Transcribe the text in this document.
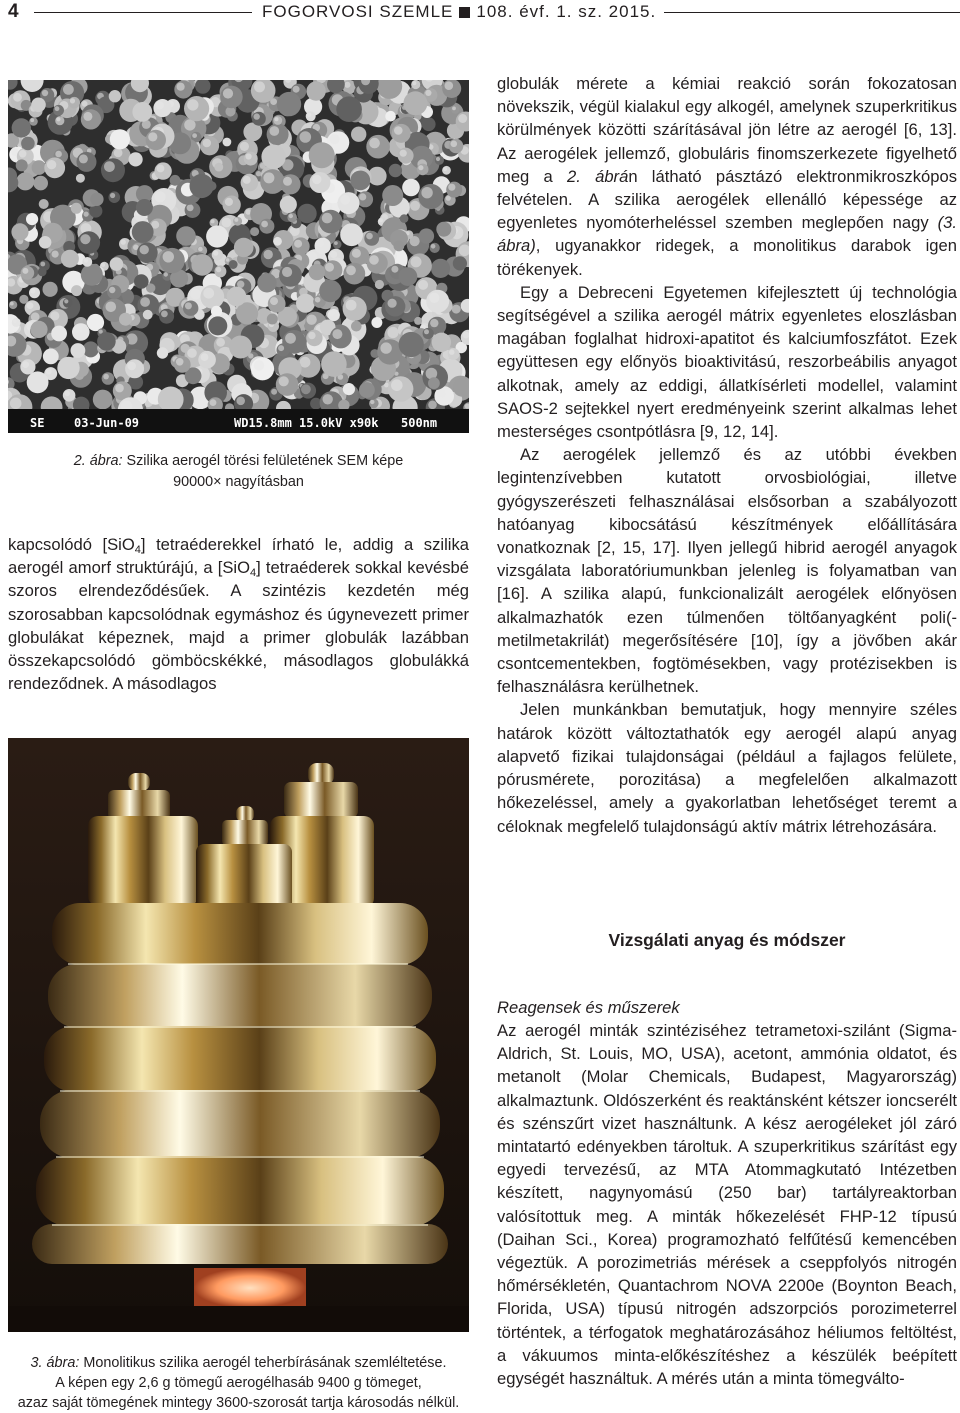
4	FOGORVOSI SZEMLE 108. évf. 1. sz. 2015.
SE 03-Jun-09	WD15.8mm 15.0kV x90k 500nm
2. ábra: Szilika aerogél törési felületének SEM képe
90000× nagyításban

kapcsolódó [SiO$_4$] tetraéderekkel írható le, addig a szilika aerogél amorf struktúrájú, a [SiO$_4$] tetraéderek sokkal kevésbé szoros elrendeződésűek. A szintézis kezdetén még szorosabban kapcsolódnak egymáshoz és úgynevezett primer globulákat képeznek, majd a primer globulák lazábban összekapcsolódó gömböcskékké, másodlagos globulákká rendeződnek. A másodlagos

3. ábra: Monolitikus szilika aerogél teherbírásának szemléltetése.
A képen egy 2,6 g tömegű aerogélhasáb 9400 g tömeget,
azaz saját tömegének mintegy 3600-szorosát tartja károsodás nélkül.

globulák mérete a kémiai reakció során fokozatosan növekszik, végül kialakul egy alkogél, amelynek szuperkritikus körülmények közötti szárításával jön létre az aerogél [6, 13]. Az aerogélek jellemző, globuláris finomszerkezete figyelhető meg a 2. ábrán látható pásztázó elektronmikroszkópos felvételen. A szilika aerogélek ellenálló képessége az egyenletes nyomóterheléssel szemben meglepően nagy (3. ábra), ugyanakkor ridegek, a monolitikus darabok igen törékenyek.

Egy a Debreceni Egyetemen kifejlesztett új technológia segítségével a szilika aerogél mátrix egyenletes eloszlásban magában foglalhat hidroxi-apatitot és kalciumfoszfátot. Ezek együttesen egy előnyös bioaktivitású, reszorbeábilis anyagot alkotnak, amely az eddigi, állatkísérleti modellel, valamint SAOS-2 sejtekkel nyert eredményeink szerint alkalmas lehet mesterséges csontpótlásra [9, 12, 14].

Az aerogélek jellemző és az utóbbi években legintenzívebben kutatott orvosbiológiai, illetve gyógyszerészeti felhasználásai elsősorban a szabályozott hatóanyag kibocsátású készítmények előállítására vonatkoznak [2, 15, 17]. Ilyen jellegű hibrid aerogél anyagok vizsgálata laboratóriumunkban jelenleg is folyamatban van [16]. A szilika alapú, funkcionalizált aerogélek előnyösen alkalmazhatók ezen túlmenően töltőanyagként poli(-metilmetakrilát) megerősítésére [10], így a jövőben akár csontcementekben, fogtömésekben, vagy protézisekben is felhasználásra kerülhetnek.

Jelen munkánkban bemutatjuk, hogy mennyire széles határok között változtathatók egy aerogél alapú anyag alapvető fizikai tulajdonságai (például a fajlagos felülete, pórusmérete, porozitása) a megfelelően alkalmazott hőkezeléssel, amely a gyakorlatban lehetőséget teremt a céloknak megfelelő tulajdonságú aktív mátrix létrehozására.

Vizsgálati anyag és módszer
Reagensek és műszerek

Az aerogél minták szintéziséhez tetrametoxi-szilánt (Sigma-Aldrich, St. Louis, MO, USA), acetont, ammónia oldatot, és metanolt (Molar Chemicals, Budapest, Magyarország) alkalmaztunk. Oldószerként és reaktánsként kétszer ioncserélt és szénszűrt vizet használtunk. A kész aerogéleket jól záró mintatartó edényekben tároltuk. A szuperkritikus szárítást egy egyedi tervezésű, az MTA Atommagkutató Intézetben készített, nagynyomású (250 bar) tartályreaktorban valósítottuk meg. A minták hőkezelését FHP-12 típusú (Daihan Sci., Korea) programozható felfűtésű kemencében végeztük. A porozimetriás mérések a cseppfolyós nitrogén hőmérsékletén, Quantachrom NOVA 2200e (Boynton Beach, Florida, USA) típusú nitrogén adszorpciós porozimeterrel történtek, a térfogatok meghatározásához héliumos feltöltést, a vákuumos minta-előkészítéshez a készülék beépített egységét használtuk. A mérés után a minta tömegválto-
